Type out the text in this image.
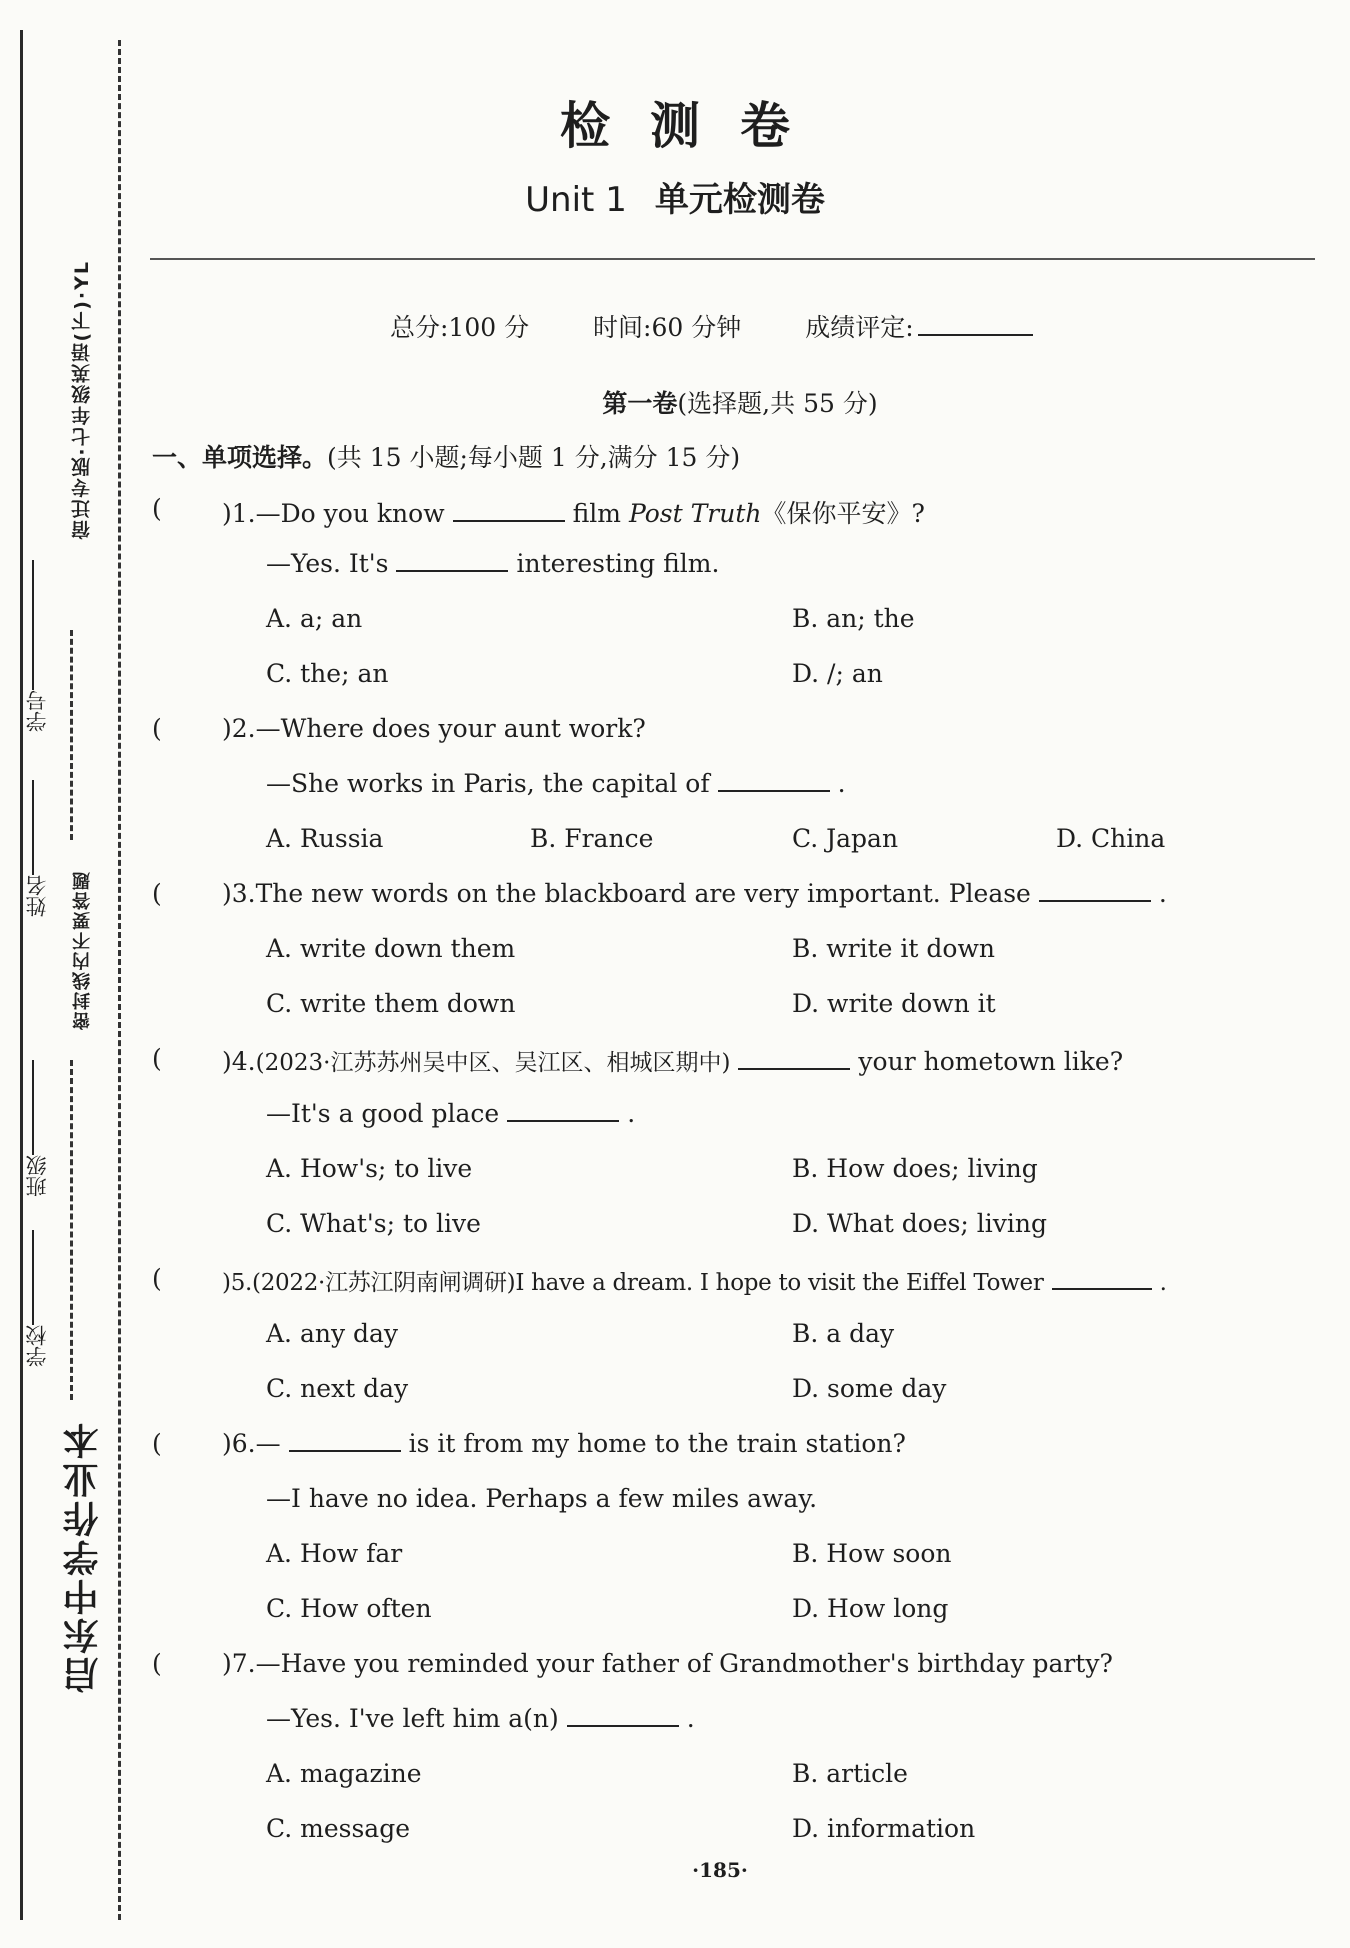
宿迁专版·七年级英语(下)·YL
密封线内不要答题
启东中学作业本
学号
姓名
班级
学校
检测卷
Unit 1 单元检测卷
总分:100 分	时间:60 分钟	成绩评定:
第一卷(选择题,共 55 分)
一、单项选择。(共 15 小题;每小题 1 分,满分 15 分)
( )1.—Do you know	film Post Truth《保你平安》?
—Yes. It's	interesting film.
A. a; an	B. an; the
C. the; an	D. /; an
( )2.—Where does your aunt work?
—She works in Paris, the capital of	.
A. Russia	B. France	C. Japan	D. China
( )3.The new words on the blackboard are very important. Please	.
A. write down them	B. write it down
C. write them down	D. write down it
( )4.(2023·江苏苏州吴中区、吴江区、相城区期中)	your hometown like?
—It's a good place	.
A. How's; to live	B. How does; living
C. What's; to live	D. What does; living
(	)5.(2022·江苏江阴南闸调研)I have a dream. I hope to visit the Eiffel Tower	.
A. any day	B. a day
C. next day	D. some day
( )6.—	is it from my home to the train station?
—I have no idea. Perhaps a few miles away.
A. How far	B. How soon
C. How often	D. How long
( )7.—Have you reminded your father of Grandmother's birthday party?
—Yes. I've left him a(n)	.
A. magazine	B. article
C. message	D. information
·185·
